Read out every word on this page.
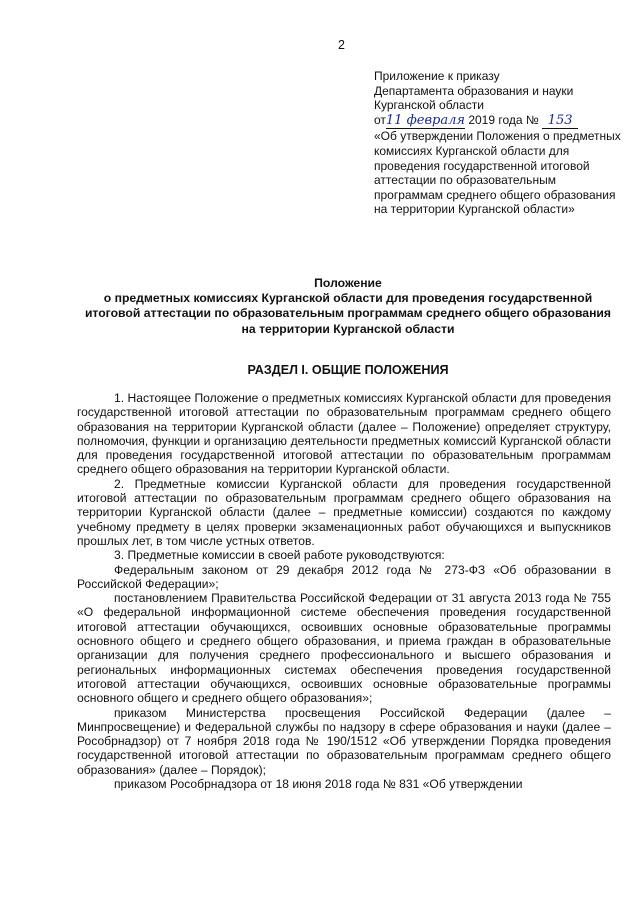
2
Приложение к приказу
Департамента образования и науки
Курганской области
от11 февраля 2019 года № 153
«Об утверждении Положения о предметных комиссиях Курганской области для проведения государственной итоговой аттестации по образовательным программам среднего общего образования на территории Курганской области»
Положение
о предметных комиссиях Курганской области для проведения государственной итоговой аттестации по образовательным программам среднего общего образования на территории Курганской области
РАЗДЕЛ I. ОБЩИЕ ПОЛОЖЕНИЯ

1. Настоящее Положение о предметных комиссиях Курганской области для проведения государственной итоговой аттестации по образовательным программам среднего общего образования на территории Курганской области (далее – Положение) определяет структуру, полномочия, функции и организацию деятельности предметных комиссий Курганской области для проведения государственной итоговой аттестации по образовательным программам среднего общего образования на территории Курганской области.

2. Предметные комиссии Курганской области для проведения государственной итоговой аттестации по образовательным программам среднего общего образования на территории Курганской области (далее – предметные комиссии) создаются по каждому учебному предмету в целях проверки экзаменационных работ обучающихся и выпускников прошлых лет, в том числе устных ответов.

3. Предметные комиссии в своей работе руководствуются:

Федеральным законом от 29 декабря 2012 года № 273-ФЗ «Об образовании в Российской Федерации»;

постановлением Правительства Российской Федерации от 31 августа 2013 года № 755 «О федеральной информационной системе обеспечения проведения государственной итоговой аттестации обучающихся, освоивших основные образовательные программы основного общего и среднего общего образования, и приема граждан в образовательные организации для получения среднего профессионального и высшего образования и региональных информационных системах обеспечения проведения государственной итоговой аттестации обучающихся, освоивших основные образовательные программы основного общего и среднего общего образования»;

приказом Министерства просвещения Российской Федерации (далее – Минпросвещение) и Федеральной службы по надзору в сфере образования и науки (далее – Рособрнадзор) от 7 ноября 2018 года № 190/1512 «Об утверждении Порядка проведения государственной итоговой аттестации по образовательным программам среднего общего образования» (далее – Порядок);

приказом Рособрнадзора от 18 июня 2018 года № 831 «Об утверждении
